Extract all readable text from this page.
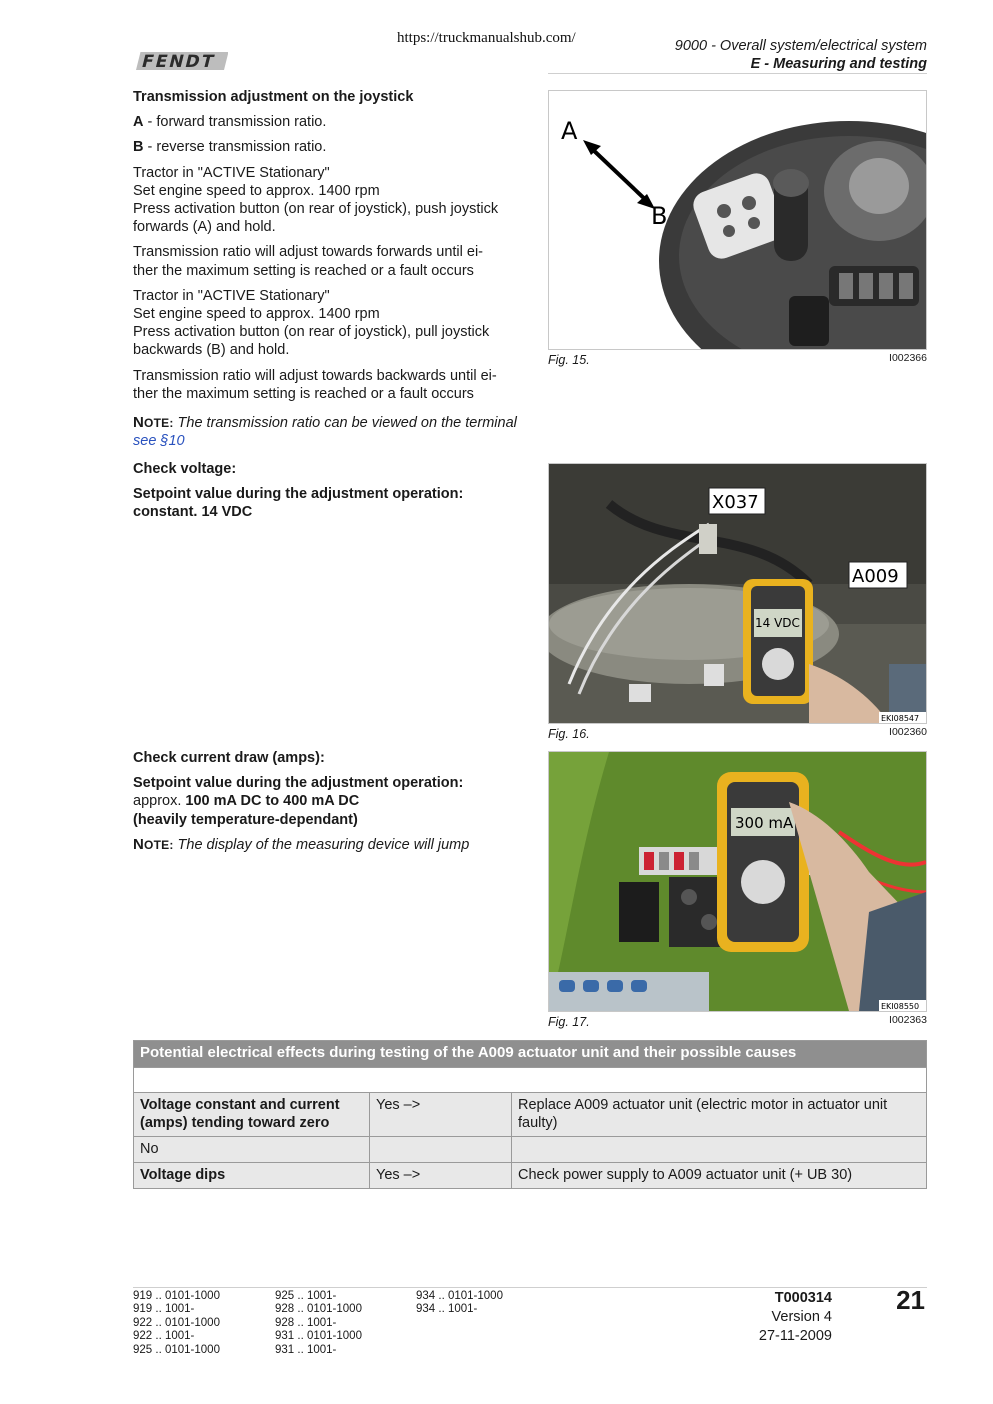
FENDT
https://truckmanualshub.com/	9000 - Overall system/electrical system
E - Measuring and testing

Transmission adjustment on the joystick

A - forward transmission ratio.

B - reverse transmission ratio.

Tractor in "ACTIVE Stationary"
Set engine speed to approx. 1400 rpm
Press activation button (on rear of joystick), push joystick
forwards (A) and hold.

Transmission ratio will adjust towards forwards until ei-
ther the maximum setting is reached or a fault occurs

Tractor in "ACTIVE Stationary"
Set engine speed to approx. 1400 rpm
Press activation button (on rear of joystick), pull joystick
backwards (B) and hold.

Transmission ratio will adjust towards backwards until ei-
ther the maximum setting is reached or a fault occurs

NOTE: The transmission ratio can be viewed on the terminal
see §10

Check voltage:

Setpoint value during the adjustment operation:
constant. 14 VDC

Check current draw (amps):

Setpoint value during the adjustment operation:
approx. 100 mA DC to 400 mA DC
(heavily temperature-dependant)

NOTE: The display of the measuring device will jump

A
B
Fig. 15.	I002366
X037
A009
14 VDC
EKI08547
Fig. 16.	I002360
300 mA
EKI08550
Fig. 17.	I002363
Potential electrical effects during testing of the A009 actuator unit and their possible causes		

Voltage constant and current (amps) tending toward zero	Yes –>	Replace A009 actuator unit (electric motor in actuator unit faulty)
No		
Voltage dips	Yes –>	Check power supply to A009 actuator unit (+ UB 30)
919 .. 0101-1000
919 .. 1001-
922 .. 0101-1000
922 .. 1001-
925 .. 0101-1000
925 .. 1001-
928 .. 0101-1000
928 .. 1001-
931 .. 0101-1000
931 .. 1001-
934 .. 0101-1000
934 .. 1001-
T000314
Version 4
27-11-2009
21
